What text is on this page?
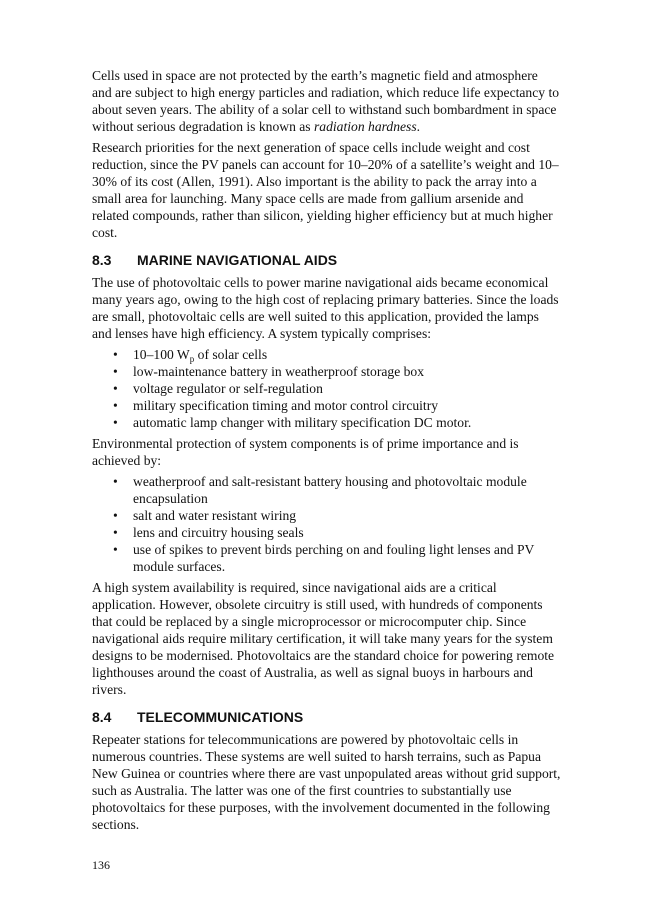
Cells used in space are not protected by the earth’s magnetic field and atmosphere
and are subject to high energy particles and radiation, which reduce life expectancy to
about seven years. The ability of a solar cell to withstand such bombardment in space
without serious degradation is known as radiation hardness.
Research priorities for the next generation of space cells include weight and cost
reduction, since the PV panels can account for 10–20% of a satellite’s weight and 10–
30% of its cost (Allen, 1991). Also important is the ability to pack the array into a
small area for launching. Many space cells are made from gallium arsenide and
related compounds, rather than silicon, yielding higher efficiency but at much higher
cost.
8.3 MARINE NAVIGATIONAL AIDS
The use of photovoltaic cells to power marine navigational aids became economical
many years ago, owing to the high cost of replacing primary batteries. Since the loads
are small, photovoltaic cells are well suited to this application, provided the lamps
and lenses have high efficiency. A system typically comprises:
• 10–100 $W_p$ of solar cells
• low-maintenance battery in weatherproof storage box
• voltage regulator or self-regulation
• military specification timing and motor control circuitry
• automatic lamp changer with military specification DC motor.
Environmental protection of system components is of prime importance and is
achieved by:
• weatherproof and salt-resistant battery housing and photovoltaic module
encapsulation
• salt and water resistant wiring
• lens and circuitry housing seals
• use of spikes to prevent birds perching on and fouling light lenses and PV
module surfaces.
A high system availability is required, since navigational aids are a critical
application. However, obsolete circuitry is still used, with hundreds of components
that could be replaced by a single microprocessor or microcomputer chip. Since
navigational aids require military certification, it will take many years for the system
designs to be modernised. Photovoltaics are the standard choice for powering remote
lighthouses around the coast of Australia, as well as signal buoys in harbours and
rivers.
8.4 TELECOMMUNICATIONS
Repeater stations for telecommunications are powered by photovoltaic cells in
numerous countries. These systems are well suited to harsh terrains, such as Papua
New Guinea or countries where there are vast unpopulated areas without grid support,
such as Australia. The latter was one of the first countries to substantially use
photovoltaics for these purposes, with the involvement documented in the following
sections.
136
